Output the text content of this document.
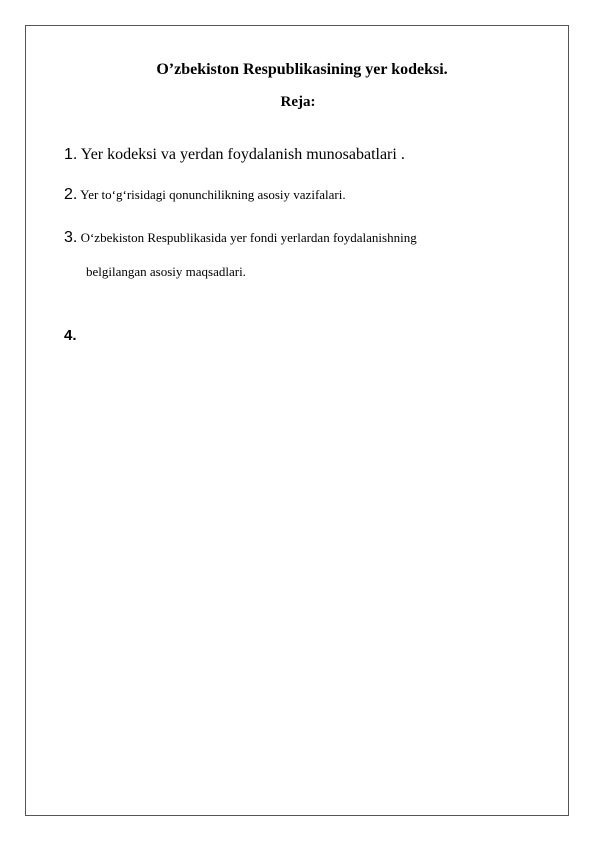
O’zbekiston Respublikasining yer kodeksi.
Reja:
1. Yer kodeksi va yerdan foydalanish munosabatlari .
2. Yer to‘g‘risidagi qonunchilikning asosiy vazifalari.
3. O‘zbekiston Respublikasida yer fondi yerlardan foydalanishning
belgilangan asosiy maqsadlari.
4.
